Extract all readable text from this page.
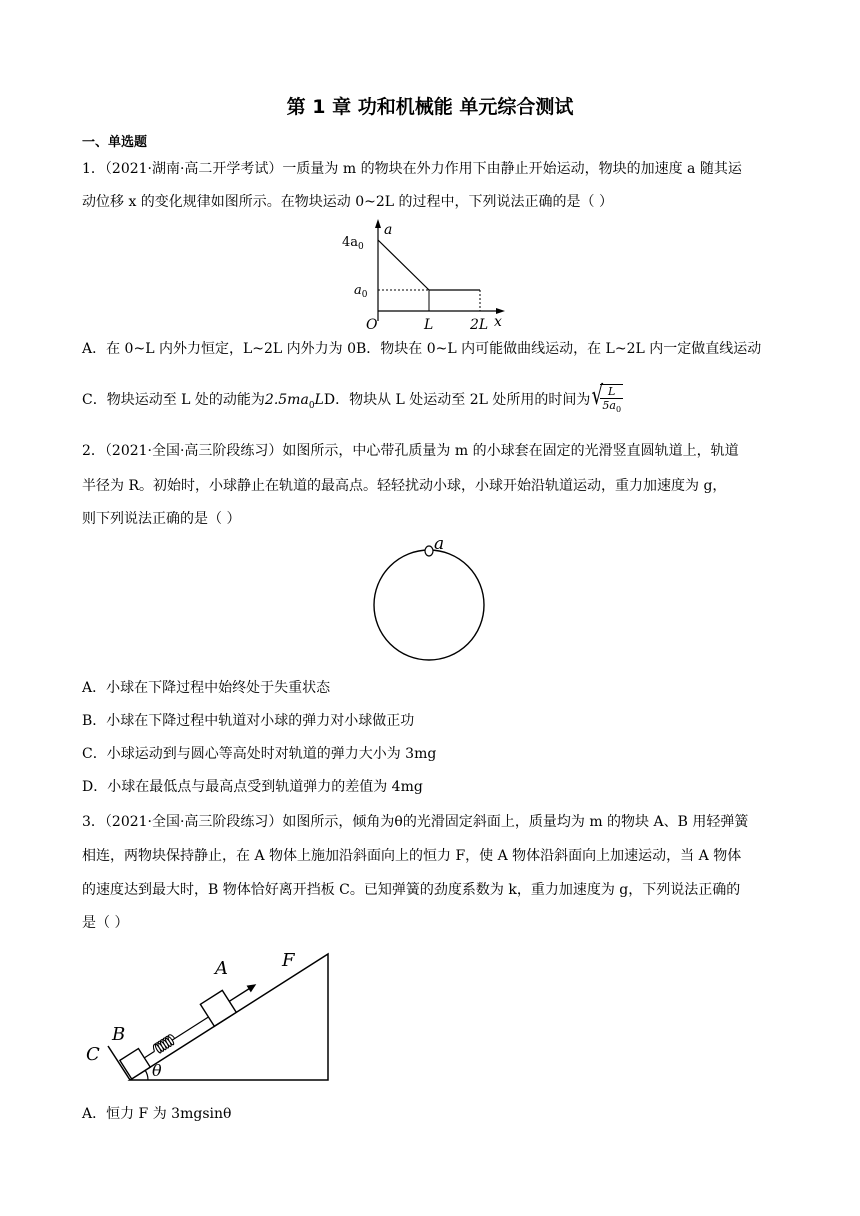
第 1 章 功和机械能 单元综合测试
一、单选题
1．（2021·湖南·高二开学考试）一质量为 m 的物块在外力作用下由静止开始运动，物块的加速度 a 随其运
动位移 x 的变化规律如图所示。在物块运动 0~2L 的过程中，下列说法正确的是（ ）
a
$4a_0$
$a_0$
O	L	2L x
A．在 0~L 内外力恒定，L~2L 内外力为 0B．物块在 0~L 内可能做曲线运动，在 L~2L 内一定做直线运动
C．物块运动至 L 处的动能为$2.5ma_0LD$．物块从 L 处运动至 2L 处所用的时间为
√ $\frac{L}{5a_0}$
2．（2021·全国·高三阶段练习）如图所示，中心带孔质量为 m 的小球套在固定的光滑竖直圆轨道上，轨道
半径为 R。初始时，小球静止在轨道的最高点。轻轻扰动小球，小球开始沿轨道运动，重力加速度为 g，
则下列说法正确的是（ ）
a
A．小球在下降过程中始终处于失重状态
B．小球在下降过程中轨道对小球的弹力对小球做正功
C．小球运动到与圆心等高处时对轨道的弹力大小为 3mg
D．小球在最低点与最高点受到轨道弹力的差值为 4mg
3．（2021·全国·高三阶段练习）如图所示，倾角为θ的光滑固定斜面上，质量均为 m 的物块 A、B 用轻弹簧
相连，两物块保持静止，在 A 物体上施加沿斜面向上的恒力 F，使 A 物体沿斜面向上加速运动，当 A 物体
的速度达到最大时，B 物体恰好离开挡板 C。已知弹簧的劲度系数为 k，重力加速度为 g，下列说法正确的
是（ ）
θ
B
C
A	F
A．恒力 F 为 3mgsinθ
